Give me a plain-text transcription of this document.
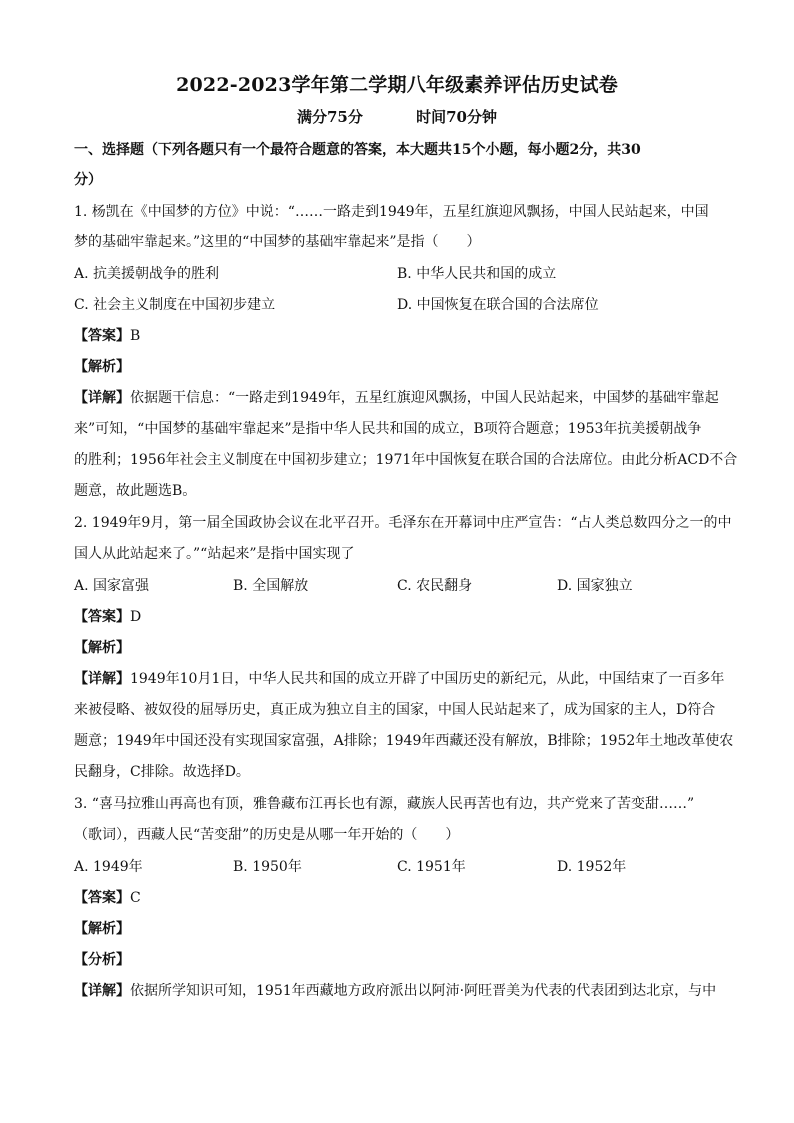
2022-2023学年第二学期八年级素养评估历史试卷
满分75分	时间70分钟
一、选择题（下列各题只有一个最符合题意的答案，本大题共15个小题，每小题2分，共30
分）
1. 杨凯在《中国梦的方位》中说：“……一路走到1949年，五星红旗迎风飘扬，中国人民站起来，中国
梦的基础牢靠起来。”这里的“中国梦的基础牢靠起来”是指（　　）
A. 抗美援朝战争的胜利	B. 中华人民共和国的成立
C. 社会主义制度在中国初步建立	D. 中国恢复在联合国的合法席位
【答案】B
【解析】
【详解】依据题干信息：“一路走到1949年，五星红旗迎风飘扬，中国人民站起来，中国梦的基础牢靠起
来”可知，“中国梦的基础牢靠起来”是指中华人民共和国的成立，B项符合题意；1953年抗美援朝战争
的胜利；1956年社会主义制度在中国初步建立；1971年中国恢复在联合国的合法席位。由此分析ACD不合
题意，故此题选B。
2. 1949年9月，第一届全国政协会议在北平召开。毛泽东在开幕词中庄严宣告：“占人类总数四分之一的中
国人从此站起来了。”“站起来”是指中国实现了
A. 国家富强	B. 全国解放	C. 农民翻身	D. 国家独立
【答案】D
【解析】
【详解】1949年10月1日，中华人民共和国的成立开辟了中国历史的新纪元，从此，中国结束了一百多年
来被侵略、被奴役的屈辱历史，真正成为独立自主的国家，中国人民站起来了，成为国家的主人，D符合
题意；1949年中国还没有实现国家富强，A排除；1949年西藏还没有解放，B排除；1952年土地改革使农
民翻身，C排除。故选择D。
3. “喜马拉雅山再高也有顶，雅鲁藏布江再长也有源，藏族人民再苦也有边，共产党来了苦变甜……”
（歌词），西藏人民“苦变甜”的历史是从哪一年开始的（　　）
A. 1949年	B. 1950年	C. 1951年	D. 1952年
【答案】C
【解析】
【分析】
【详解】依据所学知识可知，1951年西藏地方政府派出以阿沛·阿旺晋美为代表的代表团到达北京，与中
